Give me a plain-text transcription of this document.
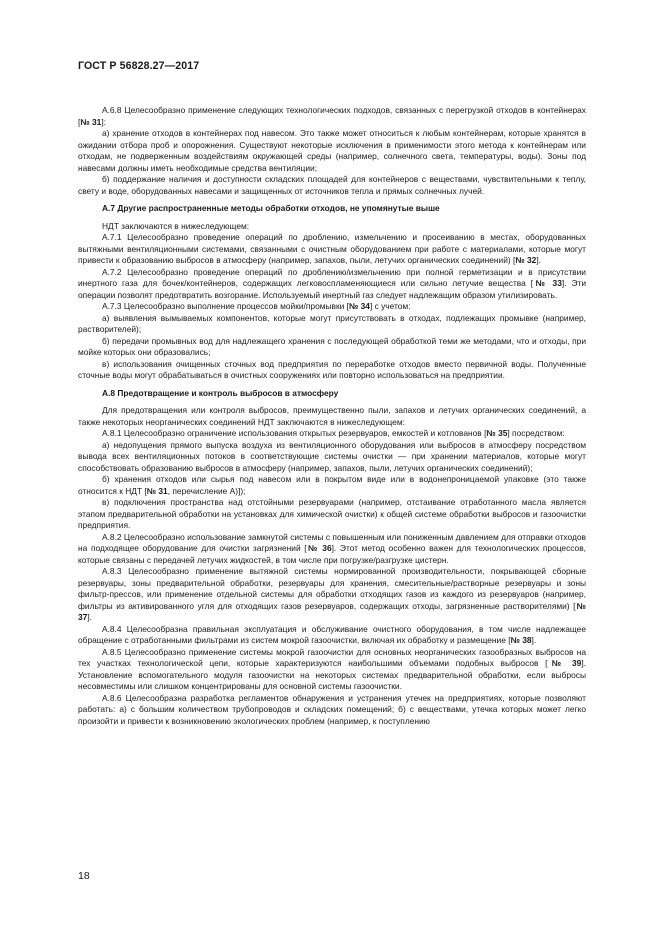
ГОСТ Р 56828.27—2017
А.6.8 Целесообразно применение следующих технологических подходов, связанных с перегрузкой отходов в контейнерах [№ 31]:
а) хранение отходов в контейнерах под навесом. Это также может относиться к любым контейнерам, которые хранятся в ожидании отбора проб и опорожнения. Существуют некоторые исключения в применимости этого метода к контейнерам или отходам, не подверженным воздействиям окружающей среды (например, солнечного света, температуры, воды). Зоны под навесами должны иметь необходимые средства вентиляции;
б) поддержание наличия и доступности складских площадей для контейнеров с веществами, чувствительными к теплу, свету и воде, оборудованных навесами и защищенных от источников тепла и прямых солнечных лучей.
А.7 Другие распространенные методы обработки отходов, не упомянутые выше
НДТ заключаются в нижеследующем:
А.7.1 Целесообразно проведение операций по дроблению, измельчению и просеиванию в местах, оборудованных вытяжными вентиляционными системами, связанными с очистным оборудованием при работе с материалами, которые могут привести к образованию выбросов в атмосферу (например, запахов, пыли, летучих органических соединений) [№ 32].
А.7.2 Целесообразно проведение операций по дроблению/измельчению при полной герметизации и в присутствии инертного газа для бочек/контейнеров, содержащих легковоспламеняющиеся или сильно летучие вещества [№ 33]. Эти операции позволят предотвратить возгорание. Используемый инертный газ следует надлежащим образом утилизировать.
А.7.3 Целесообразно выполнение процессов мойки/промывки [№ 34] с учетом:
а) выявления вымываемых компонентов, которые могут присутствовать в отходах, подлежащих промывке (например, растворителей);
б) передачи промывных вод для надлежащего хранения с последующей обработкой теми же методами, что и отходы, при мойке которых они образовались;
в) использования очищенных сточных вод предприятия по переработке отходов вместо первичной воды. Полученные сточные воды могут обрабатываться в очистных сооружениях или повторно использоваться на предприятии.
А.8 Предотвращение и контроль выбросов в атмосферу
Для предотвращения или контроля выбросов, преимущественно пыли, запахов и летучих органических соединений, а также некоторых неорганических соединений НДТ заключаются в нижеследующем:
А.8.1 Целесообразно ограничение использования открытых резервуаров, емкостей и котлованов [№ 35] посредством:
а) недопущения прямого выпуска воздуха из вентиляционного оборудования или выбросов в атмосферу посредством вывода всех вентиляционных потоков в соответствующие системы очистки — при хранении материалов, которые могут способствовать образованию выбросов в атмосферу (например, запахов, пыли, летучих органических соединений);
б) хранения отходов или сырья под навесом или в покрытом виде или в водонепроницаемой упаковке (это также относится к НДТ [№ 31, перечисление А)]);
в) подключения пространства над отстойными резервуарами (например, отстаивание отработанного масла является этапом предварительной обработки на установках для химической очистки) к общей системе обработки выбросов и газоочистки предприятия.
А.8.2 Целесообразно использование замкнутой системы с повышенным или пониженным давлением для отправки отходов на подходящее оборудование для очистки загрязнений [№ 36]. Этот метод особенно важен для технологических процессов, которые связаны с передачей летучих жидкостей, в том числе при погрузке/разгрузке цистерн.
А.8.3 Целесообразно применение вытяжной системы нормированной производительности, покрывающей сборные резервуары, зоны предварительной обработки, резервуары для хранения, смесительные/растворные резервуары и зоны фильтр-прессов, или применение отдельной системы для обработки отходящих газов из каждого из резервуаров (например, фильтры из активированного угля для отходящих газов резервуаров, содержащих отходы, загрязненные растворителями) [№ 37].
А.8.4 Целесообразна правильная эксплуатация и обслуживание очистного оборудования, в том числе надлежащее обращение с отработанными фильтрами из систем мокрой газоочистки, включая их обработку и размещение [№ 38].
А.8.5 Целесообразно применение системы мокрой газоочистки для основных неорганических газообразных выбросов на тех участках технологической цепи, которые характеризуются наибольшими объемами подобных выбросов [№ 39]. Установление вспомогательного модуля газоочистки на некоторых системах предварительной обработки, если выбросы несовместимы или слишком концентрированы для основной системы газоочистки.
А.8.6 Целесообразна разработка регламентов обнаружения и устранения утечек на предприятиях, которые позволяют работать: а) с большим количеством трубопроводов и складских помещений; б) с веществами, утечка которых может легко произойти и привести к возникновению экологических проблем (например, к поступлению
18
